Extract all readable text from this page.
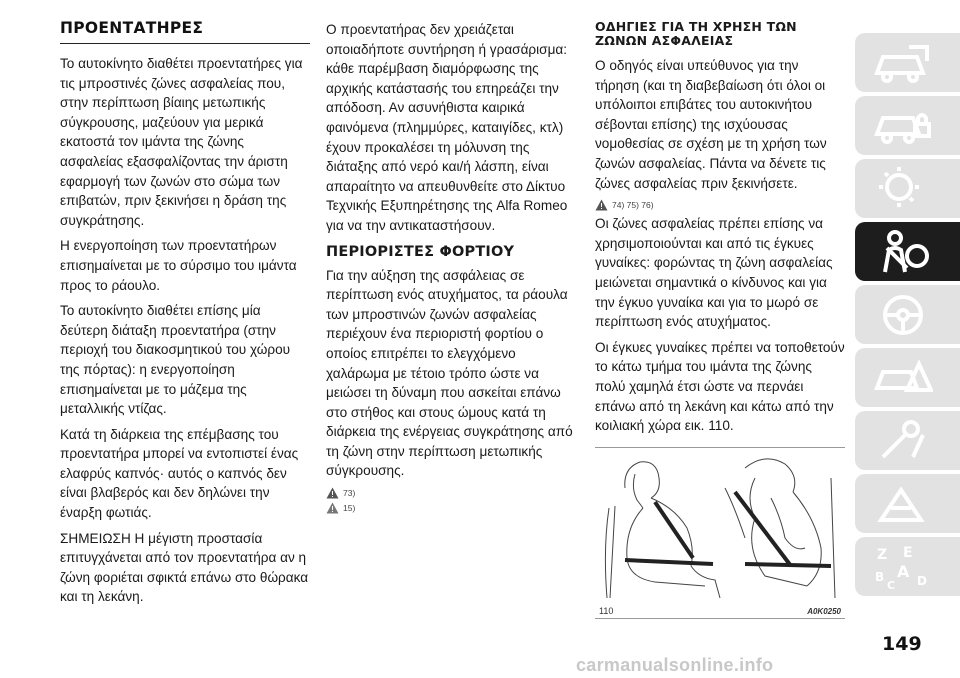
ΠΡΟΕΝΤΑΤΗΡΕΣ

Το αυτοκίνητο διαθέτει προεντατήρες για τις μπροστινές ζώνες ασφαλείας που, στην περίπτωση βίαιης μετωπικής σύγκρουσης, μαζεύουν για μερικά εκατοστά τον ιμάντα της ζώνης ασφαλείας εξασφαλίζοντας την άριστη εφαρμογή των ζωνών στο σώμα των επιβατών, πριν ξεκινήσει η δράση της συγκράτησης.

Η ενεργοποίηση των προεντατήρων επισημαίνεται με το σύρσιμο του ιμάντα προς το ράουλο.

Το αυτοκίνητο διαθέτει επίσης μία δεύτερη διάταξη προεντατήρα (στην περιοχή του διακοσμητικού του χώρου της πόρτας): η ενεργοποίηση επισημαίνεται με το μάζεμα της μεταλλικής ντίζας.

Κατά τη διάρκεια της επέμβασης του προεντατήρα μπορεί να εντοπιστεί ένας ελαφρύς καπνός· αυτός ο καπνός δεν είναι βλαβερός και δεν δηλώνει την έναρξη φωτιάς.

ΣΗΜΕΙΩΣΗ Η μέγιστη προστασία επιτυγχάνεται από τον προεντατήρα αν η ζώνη φοριέται σφικτά επάνω στο θώρακα και τη λεκάνη.

Ο προεντατήρας δεν χρειάζεται οποιαδήποτε συντήρηση ή γρασάρισμα: κάθε παρέμβαση διαμόρφωσης της αρχικής κατάστασής του επηρεάζει την απόδοση. Αν ασυνήθιστα καιρικά φαινόμενα (πλημμύρες, καταιγίδες, κτλ) έχουν προκαλέσει τη μόλυνση της διάταξης από νερό και/ή λάσπη, είναι απαραίτητο να απευθυνθείτε στο Δίκτυο Τεχνικής Εξυπηρέτησης της Alfa Romeo για να την αντικαταστήσουν.

ΠΕΡΙΟΡΙΣΤΕΣ ΦΟΡΤΙΟΥ

Για την αύξηση της ασφάλειας σε περίπτωση ενός ατυχήματος, τα ράουλα των μπροστινών ζωνών ασφαλείας περιέχουν ένα περιοριστή φορτίου ο οποίος επιτρέπει το ελεγχόμενο χαλάρωμα με τέτοιο τρόπο ώστε να μειώσει τη δύναμη που ασκείται επάνω στο στήθος και στους ώμους κατά τη διάρκεια της ενέργειας συγκράτησης από τη ζώνη στην περίπτωση μετωπικής σύγκρουσης.

73)
15)
ΟΔΗΓΙΕΣ ΓΙΑ ΤΗ ΧΡΗΣΗ ΤΩΝ
ΖΩΝΩΝ ΑΣΦΑΛΕΙΑΣ

Ο οδηγός είναι υπεύθυνος για την τήρηση (και τη διαβεβαίωση ότι όλοι οι υπόλοιποι επιβάτες του αυτοκινήτου σέβονται επίσης) της ισχύουσας νομοθεσίας σε σχέση με τη χρήση των ζωνών ασφαλείας. Πάντα να δένετε τις ζώνες ασφαλείας πριν ξεκινήσετε.

74) 75) 76)

Οι ζώνες ασφαλείας πρέπει επίσης να χρησιμοποιούνται και από τις έγκυες γυναίκες: φορώντας τη ζώνη ασφαλείας μειώνεται σημαντικά ο κίνδυνος και για την έγκυο γυναίκα και για το μωρό σε περίπτωση ενός ατυχήματος.

Οι έγκυες γυναίκες πρέπει να τοποθετούν το κάτω τμήμα του ιμάντα της ζώνης πολύ χαμηλά έτσι ώστε να περνάει επάνω από τη λεκάνη και κάτω από την κοιλιακή χώρα εικ. 110.

110	A0K0250
149
Z E
B A D
C
carmanualsonline.info
